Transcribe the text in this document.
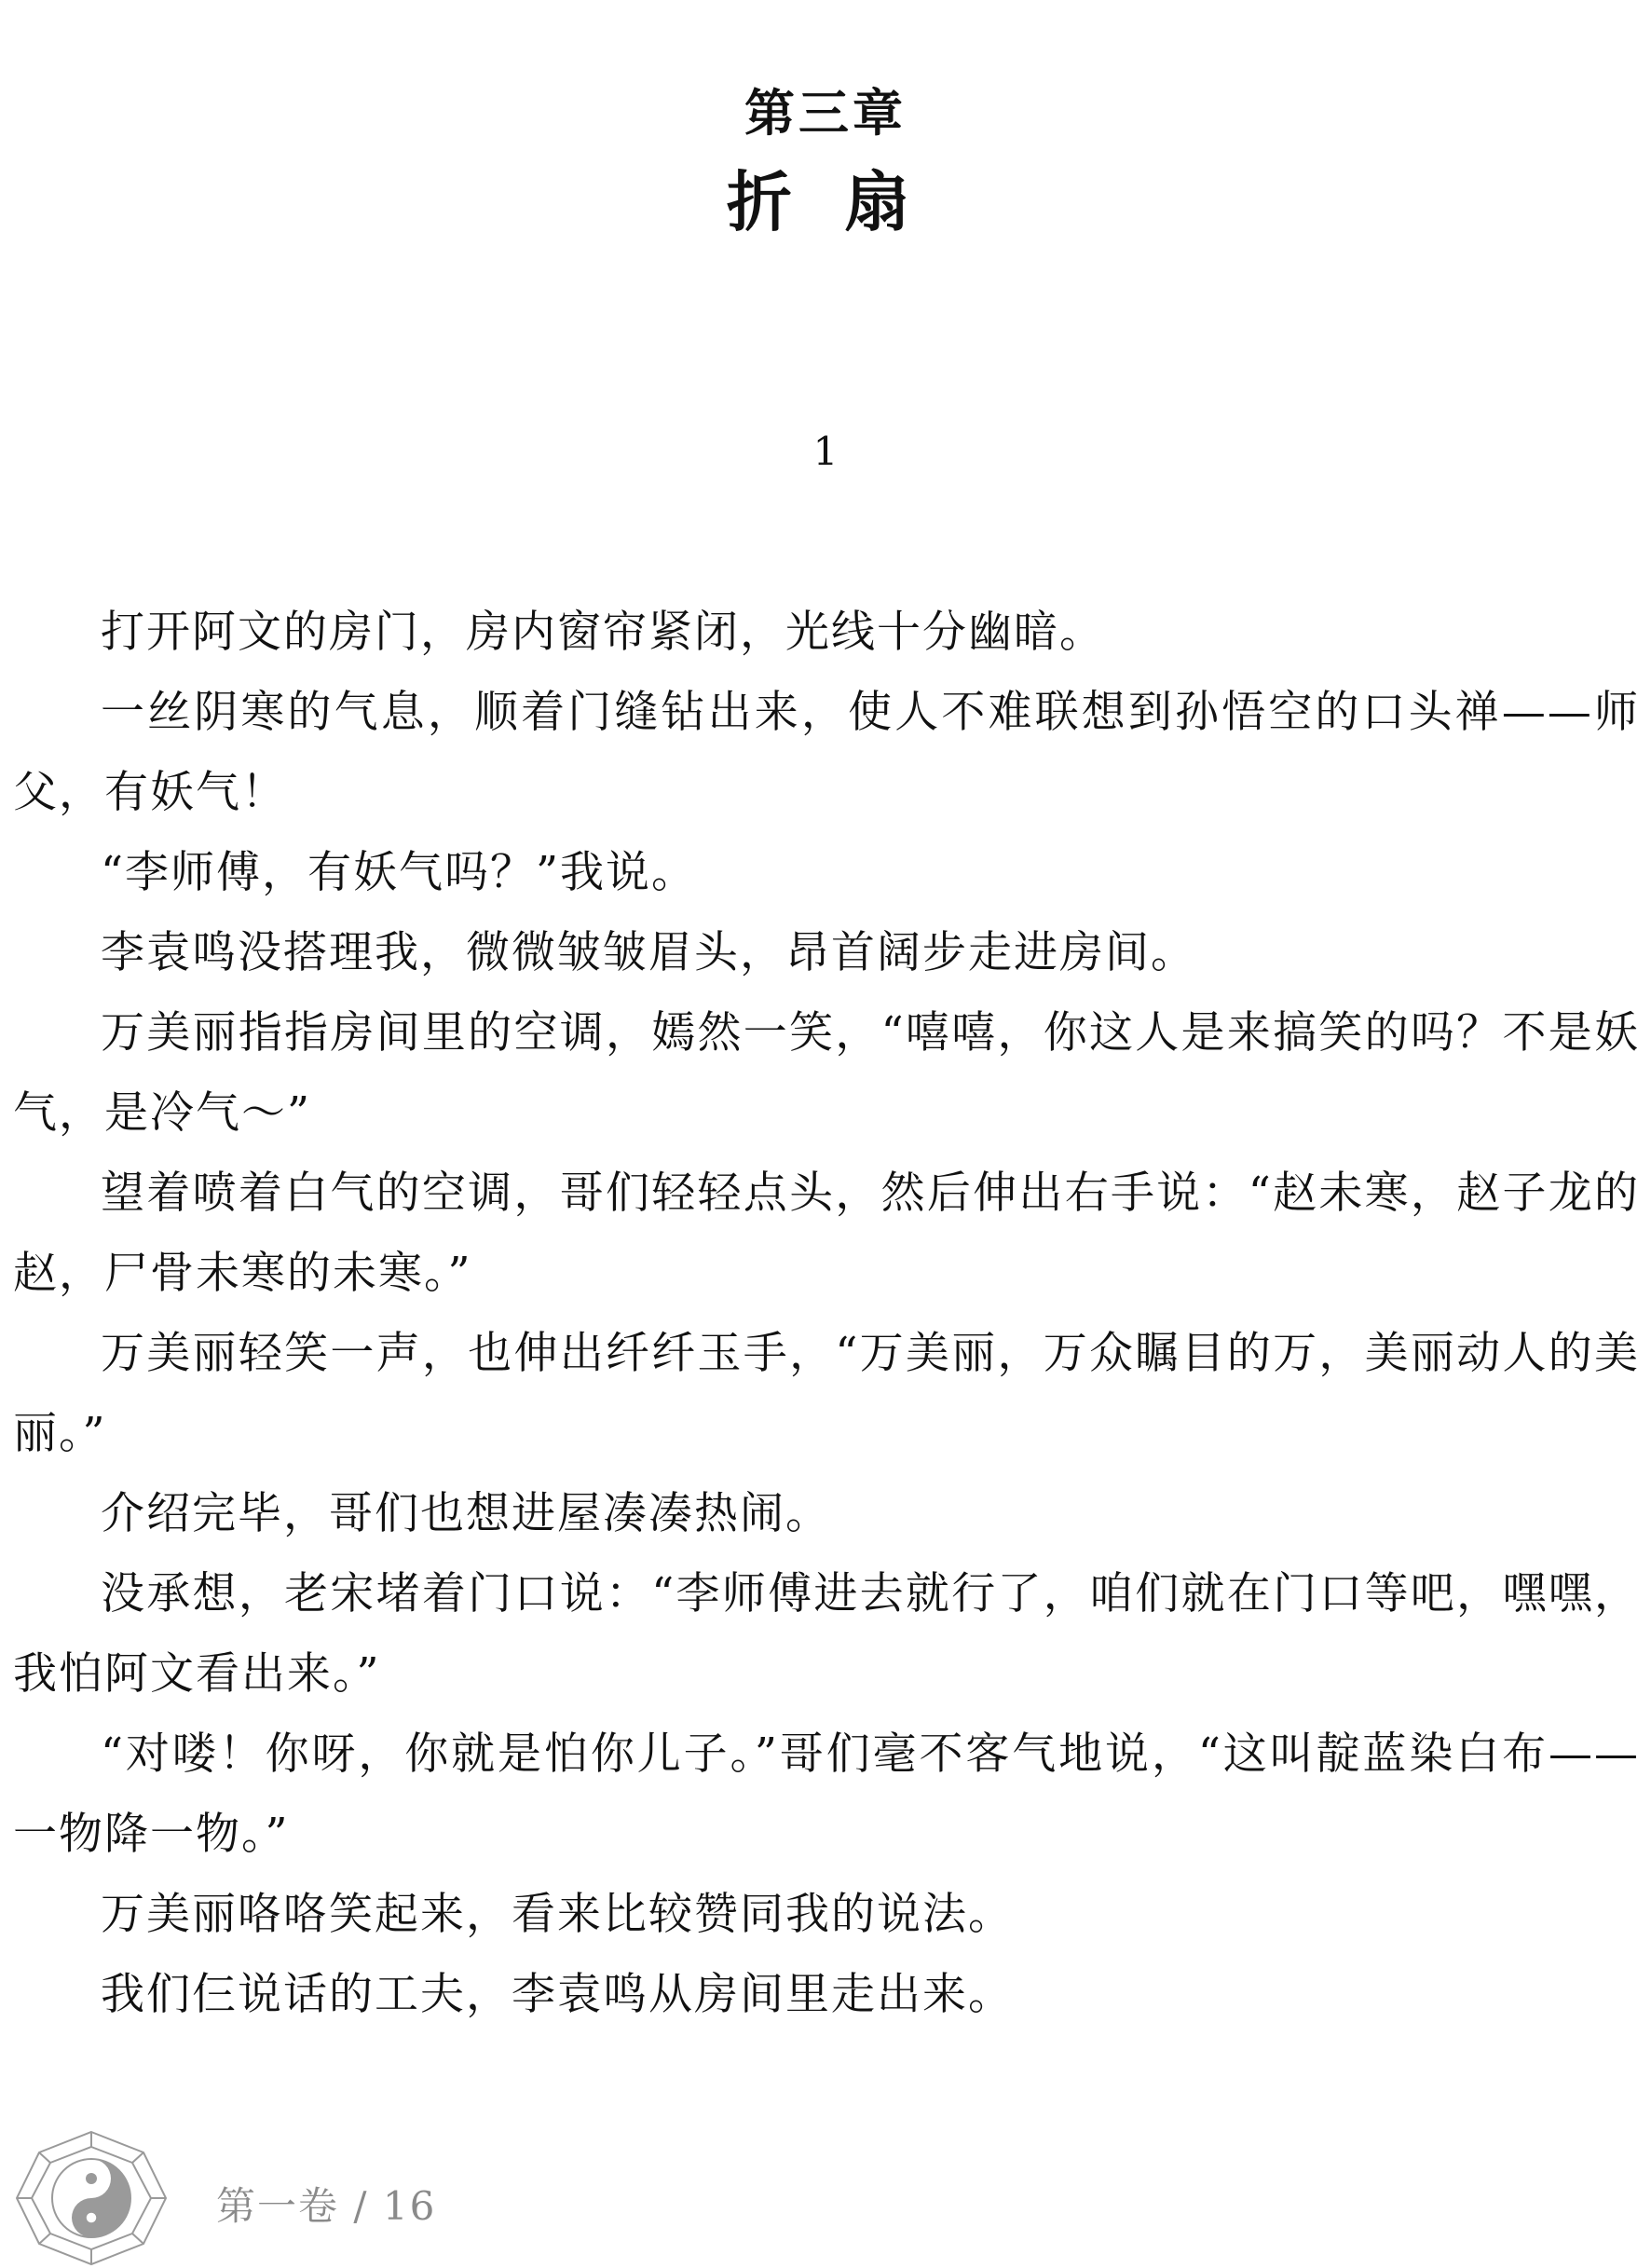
第三章
折 扇
1

打开阿文的房门，房内窗帘紧闭，光线十分幽暗。

一丝阴寒的气息，顺着门缝钻出来，使人不难联想到孙悟空的口头禅——师父，有妖气！

“李师傅，有妖气吗？”我说。

李袁鸣没搭理我，微微皱皱眉头，昂首阔步走进房间。

万美丽指指房间里的空调，嫣然一笑，“嘻嘻，你这人是来搞笑的吗？不是妖气，是冷气～”

望着喷着白气的空调，哥们轻轻点头，然后伸出右手说：“赵未寒，赵子龙的赵，尸骨未寒的未寒。”

万美丽轻笑一声，也伸出纤纤玉手，“万美丽，万众瞩目的万，美丽动人的美丽。”

介绍完毕，哥们也想进屋凑凑热闹。

没承想，老宋堵着门口说：“李师傅进去就行了，咱们就在门口等吧，嘿嘿，我怕阿文看出来。”

“对喽！你呀，你就是怕你儿子。”哥们毫不客气地说，“这叫靛蓝染白布——一物降一物。”

万美丽咯咯笑起来，看来比较赞同我的说法。

我们仨说话的工夫，李袁鸣从房间里走出来。

第一卷 / 16
